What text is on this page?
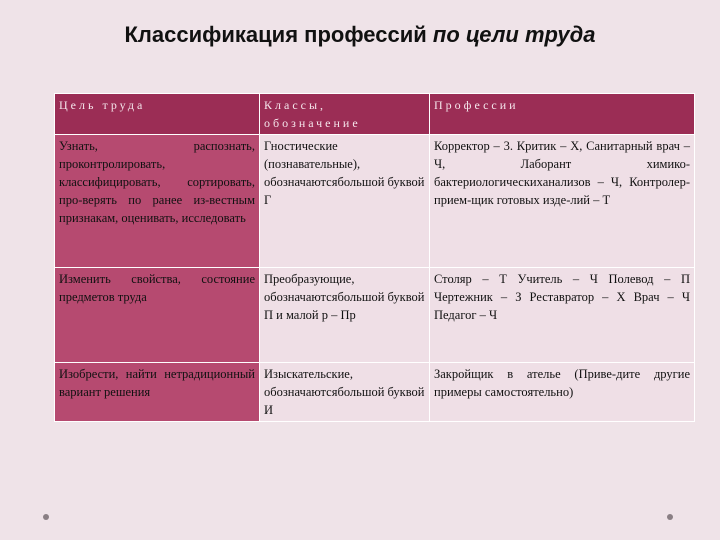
Классификация профессий по цели труда
Цель труда	Классы, обозначение	Профессии
Узнать, распознать, проконтролировать, классифицировать, сортировать, про-верять по ранее из-вестным признакам, оценивать, исследовать	Гностические (познавательные), обозначаютсябольшой буквой Г	Корректор – 3. Критик – Х, Санитарный врач – Ч, Лаборант химико-бактериологическиханализов – Ч, Контролер-прием-щик готовых изде-лий – Т
Изменить свойства, состояние предметов труда	Преобразующие, обозначаютсябольшой буквой П и малой р – Пр	Столяр – Т Учитель – Ч Полевод – П Чертежник – З Реставратор – Х Врач – Ч Педагог – Ч
Изобрести, найти нетрадиционный вариант решения	Изыскательские, обозначаютсябольшой буквой И	Закройщик в ателье (Приве-дите другие примеры самостоятельно)
